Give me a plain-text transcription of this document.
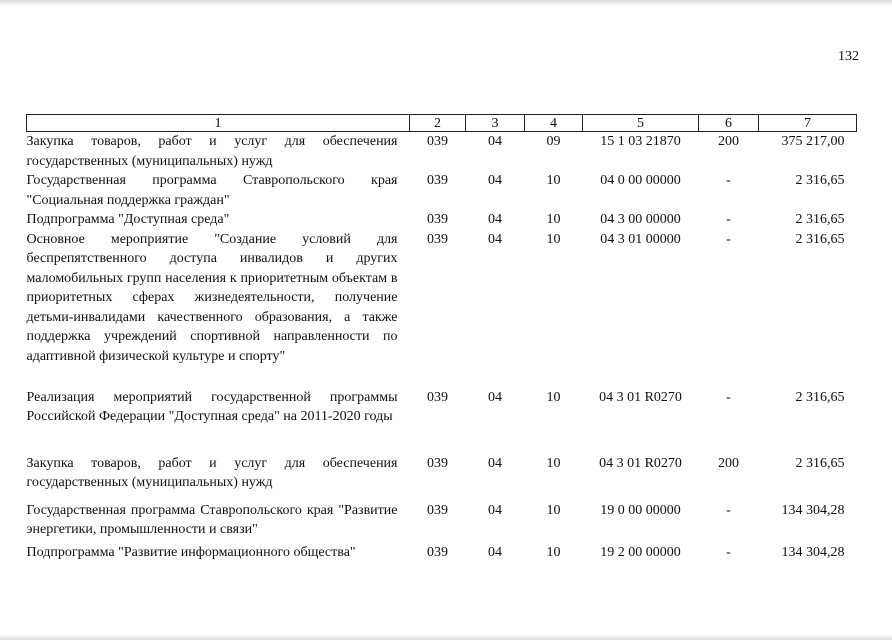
132
1	2	3	4	5	6	7
Закупка товаров, работ и услуг для обеспечения государственных (муниципальных) нужд	039	04	09	15 1 03 21870	200	375 217,00
Государственная программа Ставропольского края "Социальная поддержка граждан"	039	04	10	04 0 00 00000	-	2 316,65
Подпрограмма "Доступная среда"	039	04	10	04 3 00 00000	-	2 316,65
Основное мероприятие "Создание условий для беспрепятственного доступа инвалидов и других маломобильных групп населения к приоритетным объектам в приоритетных сферах жизнедеятельности, получение детьми-инвалидами качественного образования, а также поддержка учреждений спортивной направленности по адаптивной физической культуре и спорту"	039	04	10	04 3 01 00000	-	2 316,65
Реализация мероприятий государственной программы Российской Федерации "Доступная среда" на 2011-2020 годы	039	04	10	04 3 01 R0270	-	2 316,65
Закупка товаров, работ и услуг для обеспечения государственных (муниципальных) нужд	039	04	10	04 3 01 R0270	200	2 316,65
Государственная программа Ставропольского края "Развитие энергетики, промышленности и связи"	039	04	10	19 0 00 00000	-	134 304,28
Подпрограмма "Развитие информационного общества"	039	04	10	19 2 00 00000	-	134 304,28
